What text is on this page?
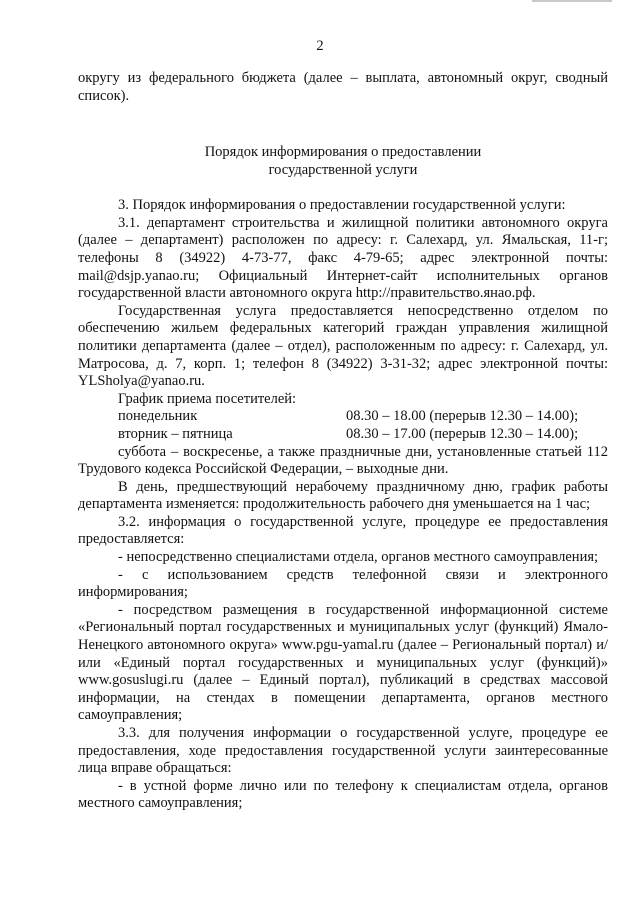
2

округу из федерального бюджета (далее – выплата, автономный округ, сводный список).

Порядок информирования о предоставлении
государственной услуги

3. Порядок информирования о предоставлении государственной услуги:

3.1. департамент строительства и жилищной политики автономного округа (далее – департамент) расположен по адресу: г. Салехард, ул. Ямальская, 11-г; телефоны 8 (34922) 4-73-77, факс 4-79-65; адрес электронной почты: mail@dsjp.yanao.ru; Официальный Интернет-сайт исполнительных органов государственной власти автономного округа http://правительство.янао.рф.

Государственная услуга предоставляется непосредственно отделом по обеспечению жильем федеральных категорий граждан управления жилищной политики департамента (далее – отдел), расположенным по адресу: г. Салехард, ул. Матросова, д. 7, корп. 1; телефон 8 (34922) 3-31-32; адрес электронной почты: YLSholya@yanao.ru.

График приема посетителей:
понедельник	08.30 – 18.00 (перерыв 12.30 – 14.00);
вторник – пятница	08.30 – 17.00 (перерыв 12.30 – 14.00);

суббота – воскресенье, а также праздничные дни, установленные статьей 112 Трудового кодекса Российской Федерации, – выходные дни.

В день, предшествующий нерабочему праздничному дню, график работы департамента изменяется: продолжительность рабочего дня уменьшается на 1 час;

3.2. информация о государственной услуге, процедуре ее предоставления предоставляется:

- непосредственно специалистами отдела, органов местного самоуправления;

- с использованием средств телефонной связи и электронного информирования;

- посредством размещения в государственной информационной системе «Региональный портал государственных и муниципальных услуг (функций) Ямало-Ненецкого автономного округа» www.pgu-yamal.ru (далее – Региональный портал) и/или «Единый портал государственных и муниципальных услуг (функций)» www.gosuslugi.ru (далее – Единый портал), публикаций в средствах массовой информации, на стендах в помещении департамента, органов местного самоуправления;

3.3. для получения информации о государственной услуге, процедуре ее предоставления, ходе предоставления государственной услуги заинтересованные лица вправе обращаться:

- в устной форме лично или по телефону к специалистам отдела, органов местного самоуправления;
